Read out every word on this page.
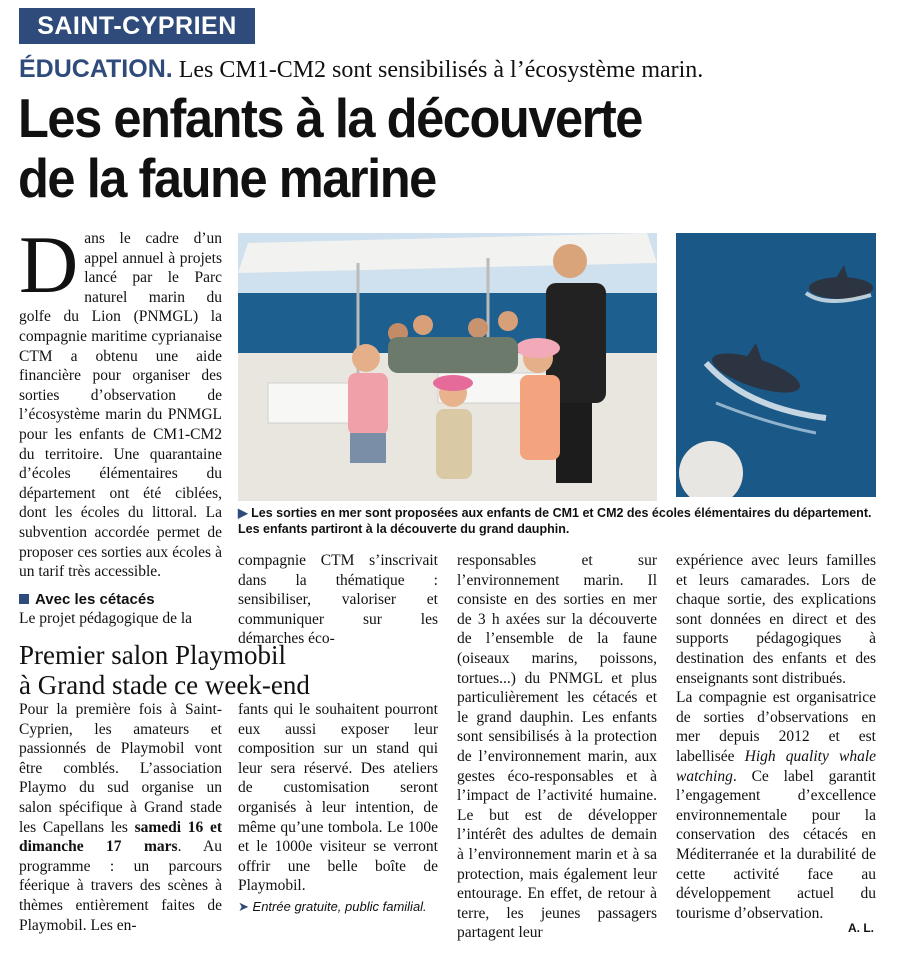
SAINT-CYPRIEN
ÉDUCATION. Les CM1-CM2 sont sensibilisés à l’écosystème marin.
Les enfants à la découverte
de la faune marine

Dans le cadre d’un appel annuel à projets lancé par le Parc naturel marin du golfe du Lion (PNMGL) la compagnie maritime cyprianaise CTM a obtenu une aide financière pour organiser des sorties d’observation de l’écosystème marin du PNMGL pour les enfants de CM1-CM2 du territoire. Une quarantaine d’écoles élémentaires du département ont été ciblées, dont les écoles du littoral. La subvention accordée permet de proposer ces sorties aux écoles à un tarif très accessible.

Avec les cétacés

Le projet pédagogique de la

compagnie CTM s’inscrivait dans la thématique : sensibiliser, valoriser et communiquer sur les démarches éco-

responsables et sur l’environnement marin. Il consiste en des sorties en mer de 3 h axées sur la découverte de l’ensemble de la faune (oiseaux marins, poissons, tortues...) du PNMGL et plus particulièrement les cétacés et le grand dauphin. Les enfants sont sensibilisés à la protection de l’environnement marin, aux gestes éco-responsables et à l’impact de l’activité humaine. Le but est de développer l’intérêt des adultes de demain à l’environnement marin et à sa protection, mais également leur entourage. En effet, de retour à terre, les jeunes passagers partagent leur

expérience avec leurs familles et leurs camarades. Lors de chaque sortie, des explications sont données en direct et des supports pédagogiques à destination des enfants et des enseignants sont distribués.

La compagnie est organisatrice de sorties d’observations en mer depuis 2012 et est labellisée High quality whale watching. Ce label garantit l’engagement d’excellence environnementale pour la conservation des cétacés en Méditerranée et la durabilité de cette activité face au développement actuel du tourisme d’observation.

A. L.
Premier salon Playmobil
à Grand stade ce week-end

Pour la première fois à Saint-Cyprien, les amateurs et passionnés de Playmobil vont être comblés. L’association Playmo du sud organise un salon spécifique à Grand stade les Capellans les samedi 16 et dimanche 17 mars. Au programme : un parcours féerique à travers des scènes à thèmes entièrement faites de Playmobil. Les en-

fants qui le souhaitent pourront eux aussi exposer leur composition sur un stand qui leur sera réservé. Des ateliers de customisation seront organisés à leur intention, de même qu’une tombola. Le 100e et le 1000e visiteur se verront offrir une belle boîte de Playmobil.

➤ Entrée gratuite, public familial.
▶ Les sorties en mer sont proposées aux enfants de CM1 et CM2 des écoles élémentaires du département. Les enfants partiront à la découverte du grand dauphin.
